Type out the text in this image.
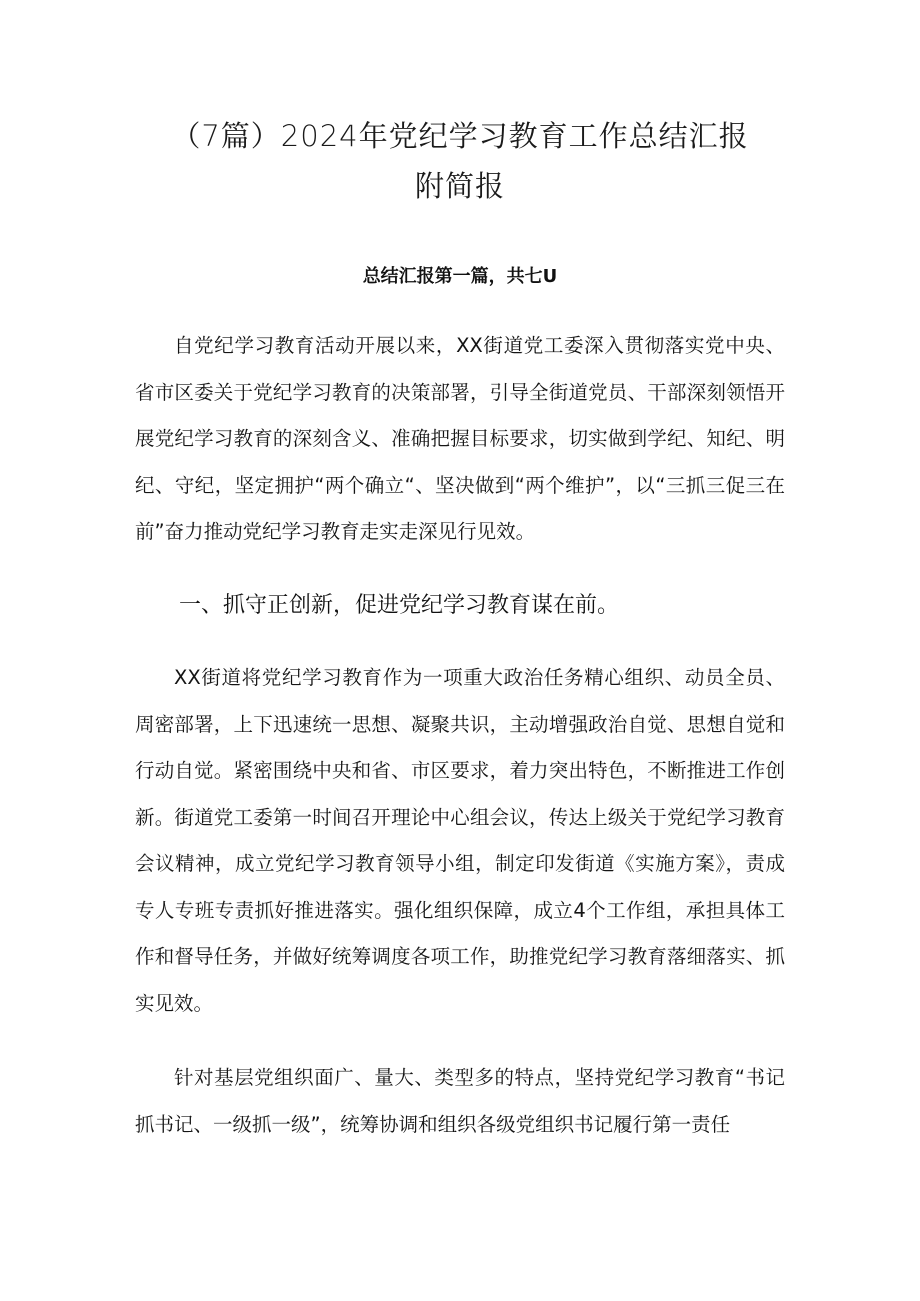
（7篇）2024年党纪学习教育工作总结汇报
附简报
总结汇报第一篇，共七U

自党纪学习教育活动开展以来，XX街道党工委深入贯彻落实党中央、省市区委关于党纪学习教育的决策部署，引导全街道党员、干部深刻领悟开展党纪学习教育的深刻含义、准确把握目标要求，切实做到学纪、知纪、明纪、守纪，坚定拥护“两个确立“、坚决做到“两个维护”，以“三抓三促三在前”奋力推动党纪学习教育走实走深见行见效。

一、抓守正创新，促进党纪学习教育谋在前。

XX街道将党纪学习教育作为一项重大政治任务精心组织、动员全员、周密部署，上下迅速统一思想、凝聚共识，主动增强政治自觉、思想自觉和行动自觉。紧密围绕中央和省、市区要求，着力突出特色，不断推进工作创新。街道党工委第一时间召开理论中心组会议，传达上级关于党纪学习教育会议精神，成立党纪学习教育领导小组，制定印发街道《实施方案》，责成专人专班专责抓好推进落实。强化组织保障，成立4个工作组，承担具体工作和督导任务，并做好统筹调度各项工作，助推党纪学习教育落细落实、抓实见效。

针对基层党组织面广、量大、类型多的特点，坚持党纪学习教育“书记抓书记、一级抓一级”，统筹协调和组织各级党组织书记履行第一责任
